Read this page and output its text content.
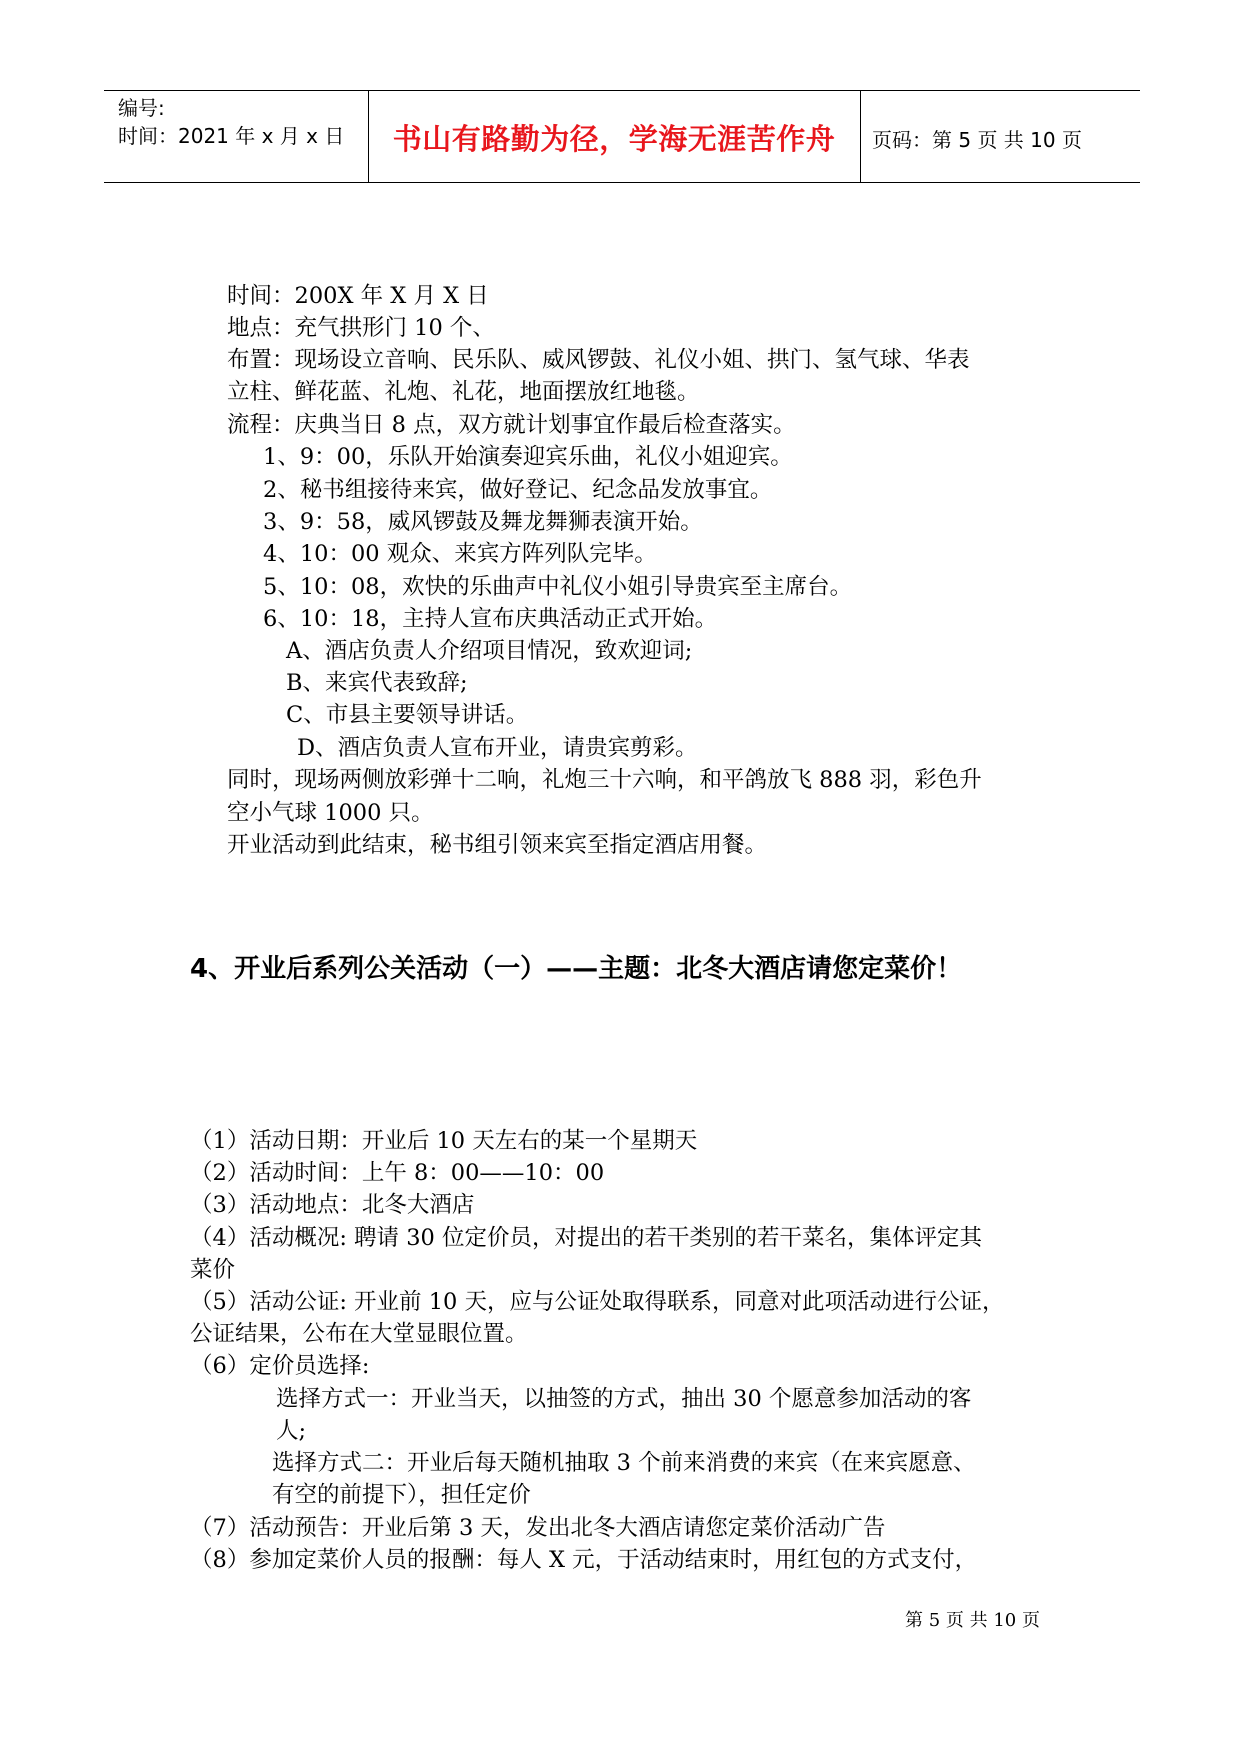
编号:
时间：2021 年 x 月 x 日	书山有路勤为径，学海无涯苦作舟	页码：第 5 页 共 10 页
时间：200X 年 X 月 X 日
地点：充气拱形门 10 个、
布置：现场设立音响、民乐队、威风锣鼓、礼仪小姐、拱门、氢气球、华表
立柱、鲜花蓝、礼炮、礼花，地面摆放红地毯。
流程：庆典当日 8 点，双方就计划事宜作最后检查落实。
1、9：00，乐队开始演奏迎宾乐曲，礼仪小姐迎宾。
2、秘书组接待来宾，做好登记、纪念品发放事宜。
3、9：58，威风锣鼓及舞龙舞狮表演开始。
4、10：00 观众、来宾方阵列队完毕。
5、10：08，欢快的乐曲声中礼仪小姐引导贵宾至主席台。
6、10：18，主持人宣布庆典活动正式开始。
A、酒店负责人介绍项目情况，致欢迎词;
B、来宾代表致辞;
C、市县主要领导讲话。
D、酒店负责人宣布开业，请贵宾剪彩。
同时，现场两侧放彩弹十二响，礼炮三十六响，和平鸽放飞 888 羽，彩色升
空小气球 1000 只。
开业活动到此结束，秘书组引领来宾至指定酒店用餐。
4、开业后系列公关活动（一）——主题：北冬大酒店请您定菜价！
（1）活动日期：开业后 10 天左右的某一个星期天
（2）活动时间：上午 8：00——10：00
（3）活动地点：北冬大酒店
（4）活动概况: 聘请 30 位定价员，对提出的若干类别的若干菜名，集体评定其
菜价
（5）活动公证: 开业前 10 天，应与公证处取得联系，同意对此项活动进行公证，
公证结果，公布在大堂显眼位置。
（6）定价员选择:
选择方式一：开业当天，以抽签的方式，抽出 30 个愿意参加活动的客
人;
选择方式二：开业后每天随机抽取 3 个前来消费的来宾（在来宾愿意、
有空的前提下），担任定价
（7）活动预告：开业后第 3 天，发出北冬大酒店请您定菜价活动广告
（8）参加定菜价人员的报酬：每人 X 元，于活动结束时，用红包的方式支付，
第 5 页 共 10 页
